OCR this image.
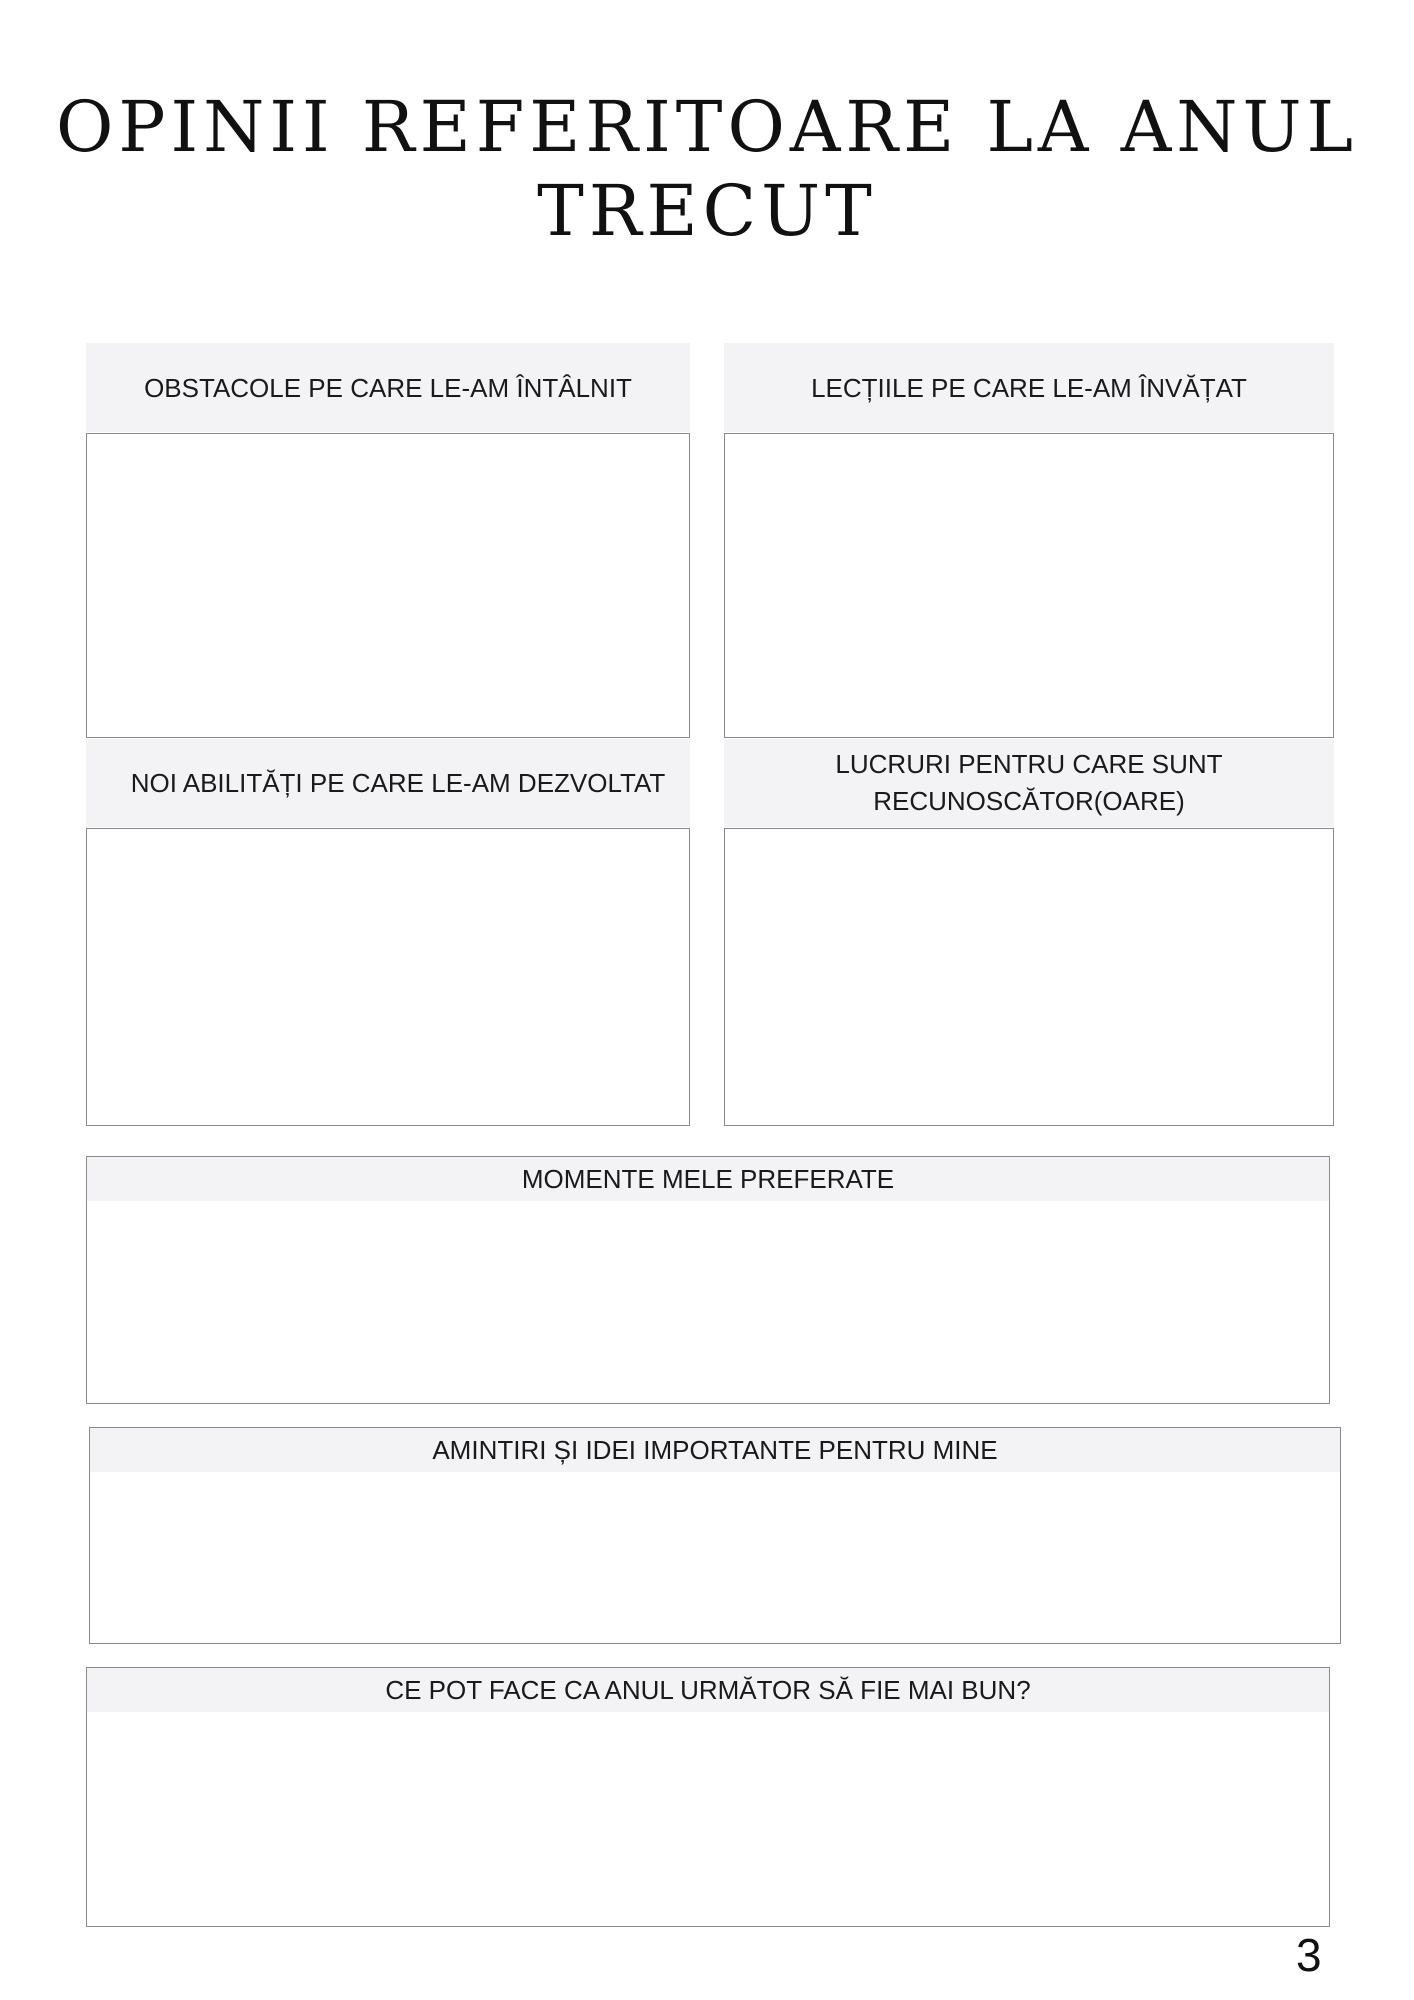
OPINII REFERITOARE LA ANUL TRECUT
OBSTACOLE PE CARE LE-AM ÎNTÂLNIT	LECȚIILE PE CARE LE-AM ÎNVĂȚAT
NOI ABILITĂȚI PE CARE LE-AM DEZVOLTAT
LUCRURI PENTRU CARE SUNT RECUNOSCĂTOR(OARE)
MOMENTE MELE PREFERATE
AMINTIRI ȘI IDEI IMPORTANTE PENTRU MINE
CE POT FACE CA ANUL URMĂTOR SĂ FIE MAI BUN?
3
